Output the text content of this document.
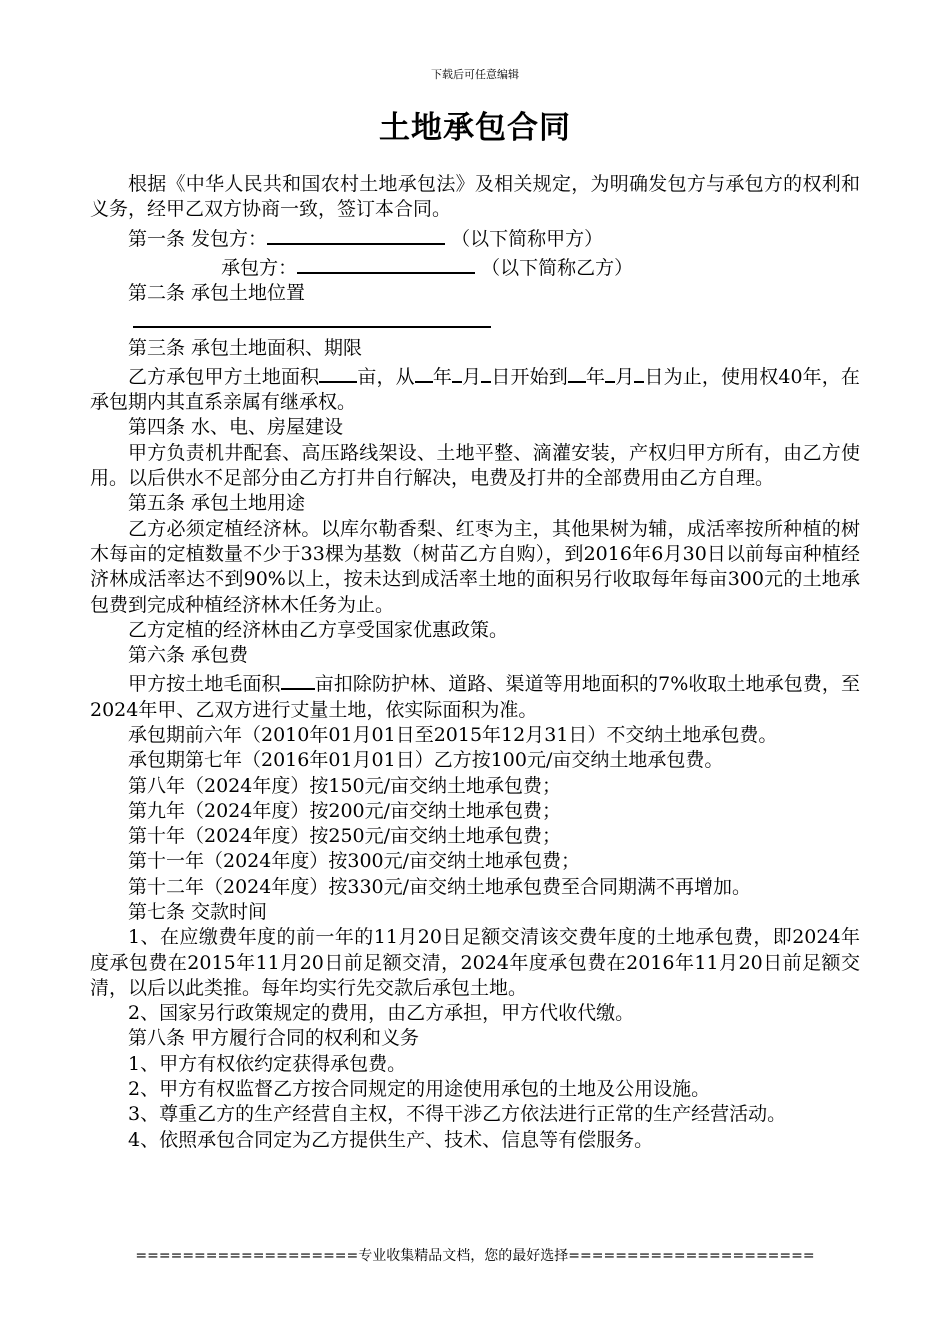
下载后可任意编辑
土地承包合同

根据《中华人民共和国农村土地承包法》及相关规定，为明确发包方与承包方的权利和义务，经甲乙双方协商一致，签订本合同。

第一条 发包方：	（以下简称甲方）

承包方：	（以下简称乙方）

第二条 承包土地位置

第三条 承包土地面积、期限

乙方承包甲方土地面积 亩，从 年 月 日开始到 年 月 日为止，使用权40年，在承包期内其直系亲属有继承权。

第四条 水、电、房屋建设

甲方负责机井配套、高压路线架设、土地平整、滴灌安装，产权归甲方所有，由乙方使用。以后供水不足部分由乙方打井自行解决，电费及打井的全部费用由乙方自理。

第五条 承包土地用途

乙方必须定植经济林。以库尔勒香梨、红枣为主，其他果树为辅，成活率按所种植的树木每亩的定植数量不少于33棵为基数（树苗乙方自购），到2016年6月30日以前每亩种植经济林成活率达不到90%以上，按未达到成活率土地的面积另行收取每年每亩300元的土地承包费到完成种植经济林木任务为止。

乙方定植的经济林由乙方享受国家优惠政策。

第六条 承包费

甲方按土地毛面积 亩扣除防护林、道路、渠道等用地面积的7%收取土地承包费，至2024年甲、乙双方进行丈量土地，依实际面积为准。

承包期前六年（2010年01月01日至2015年12月31日）不交纳土地承包费。

承包期第七年（2016年01月01日）乙方按100元/亩交纳土地承包费。

第八年（2024年度）按150元/亩交纳土地承包费；

第九年（2024年度）按200元/亩交纳土地承包费；

第十年（2024年度）按250元/亩交纳土地承包费；

第十一年（2024年度）按300元/亩交纳土地承包费；

第十二年（2024年度）按330元/亩交纳土地承包费至合同期满不再增加。

第七条 交款时间

1、在应缴费年度的前一年的11月20日足额交清该交费年度的土地承包费，即2024年度承包费在2015年11月20日前足额交清，2024年度承包费在2016年11月20日前足额交清，以后以此类推。每年均实行先交款后承包土地。

2、国家另行政策规定的费用，由乙方承担，甲方代收代缴。

第八条 甲方履行合同的权利和义务

1、甲方有权依约定获得承包费。

2、甲方有权监督乙方按合同规定的用途使用承包的土地及公用设施。

3、尊重乙方的生产经营自主权，不得干涉乙方依法进行正常的生产经营活动。

4、依照承包合同定为乙方提供生产、技术、信息等有偿服务。

===================专业收集精品文档，您的最好选择=====================
